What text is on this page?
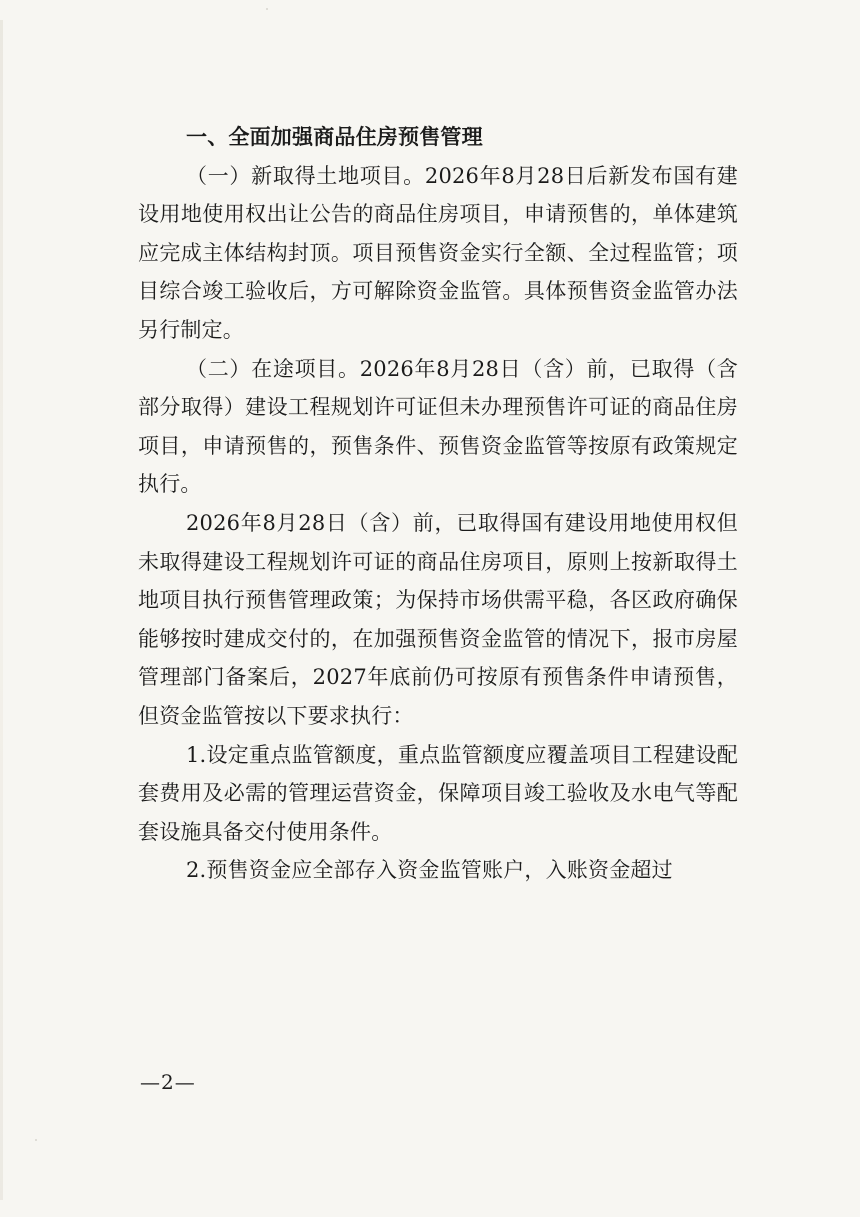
一、全面加强商品住房预售管理

（一）新取得土地项目。2026年8月28日后新发布国有建设用地使用权出让公告的商品住房项目，申请预售的，单体建筑应完成主体结构封顶。项目预售资金实行全额、全过程监管；项目综合竣工验收后，方可解除资金监管。具体预售资金监管办法另行制定。

（二）在途项目。2026年8月28日（含）前，已取得（含部分取得）建设工程规划许可证但未办理预售许可证的商品住房项目，申请预售的，预售条件、预售资金监管等按原有政策规定执行。

2026年8月28日（含）前，已取得国有建设用地使用权但未取得建设工程规划许可证的商品住房项目，原则上按新取得土地项目执行预售管理政策；为保持市场供需平稳，各区政府确保能够按时建成交付的，在加强预售资金监管的情况下，报市房屋管理部门备案后，2027年底前仍可按原有预售条件申请预售，但资金监管按以下要求执行：

1.设定重点监管额度，重点监管额度应覆盖项目工程建设配套费用及必需的管理运营资金，保障项目竣工验收及水电气等配套设施具备交付使用条件。

2.预售资金应全部存入资金监管账户，入账资金超过

—2—
